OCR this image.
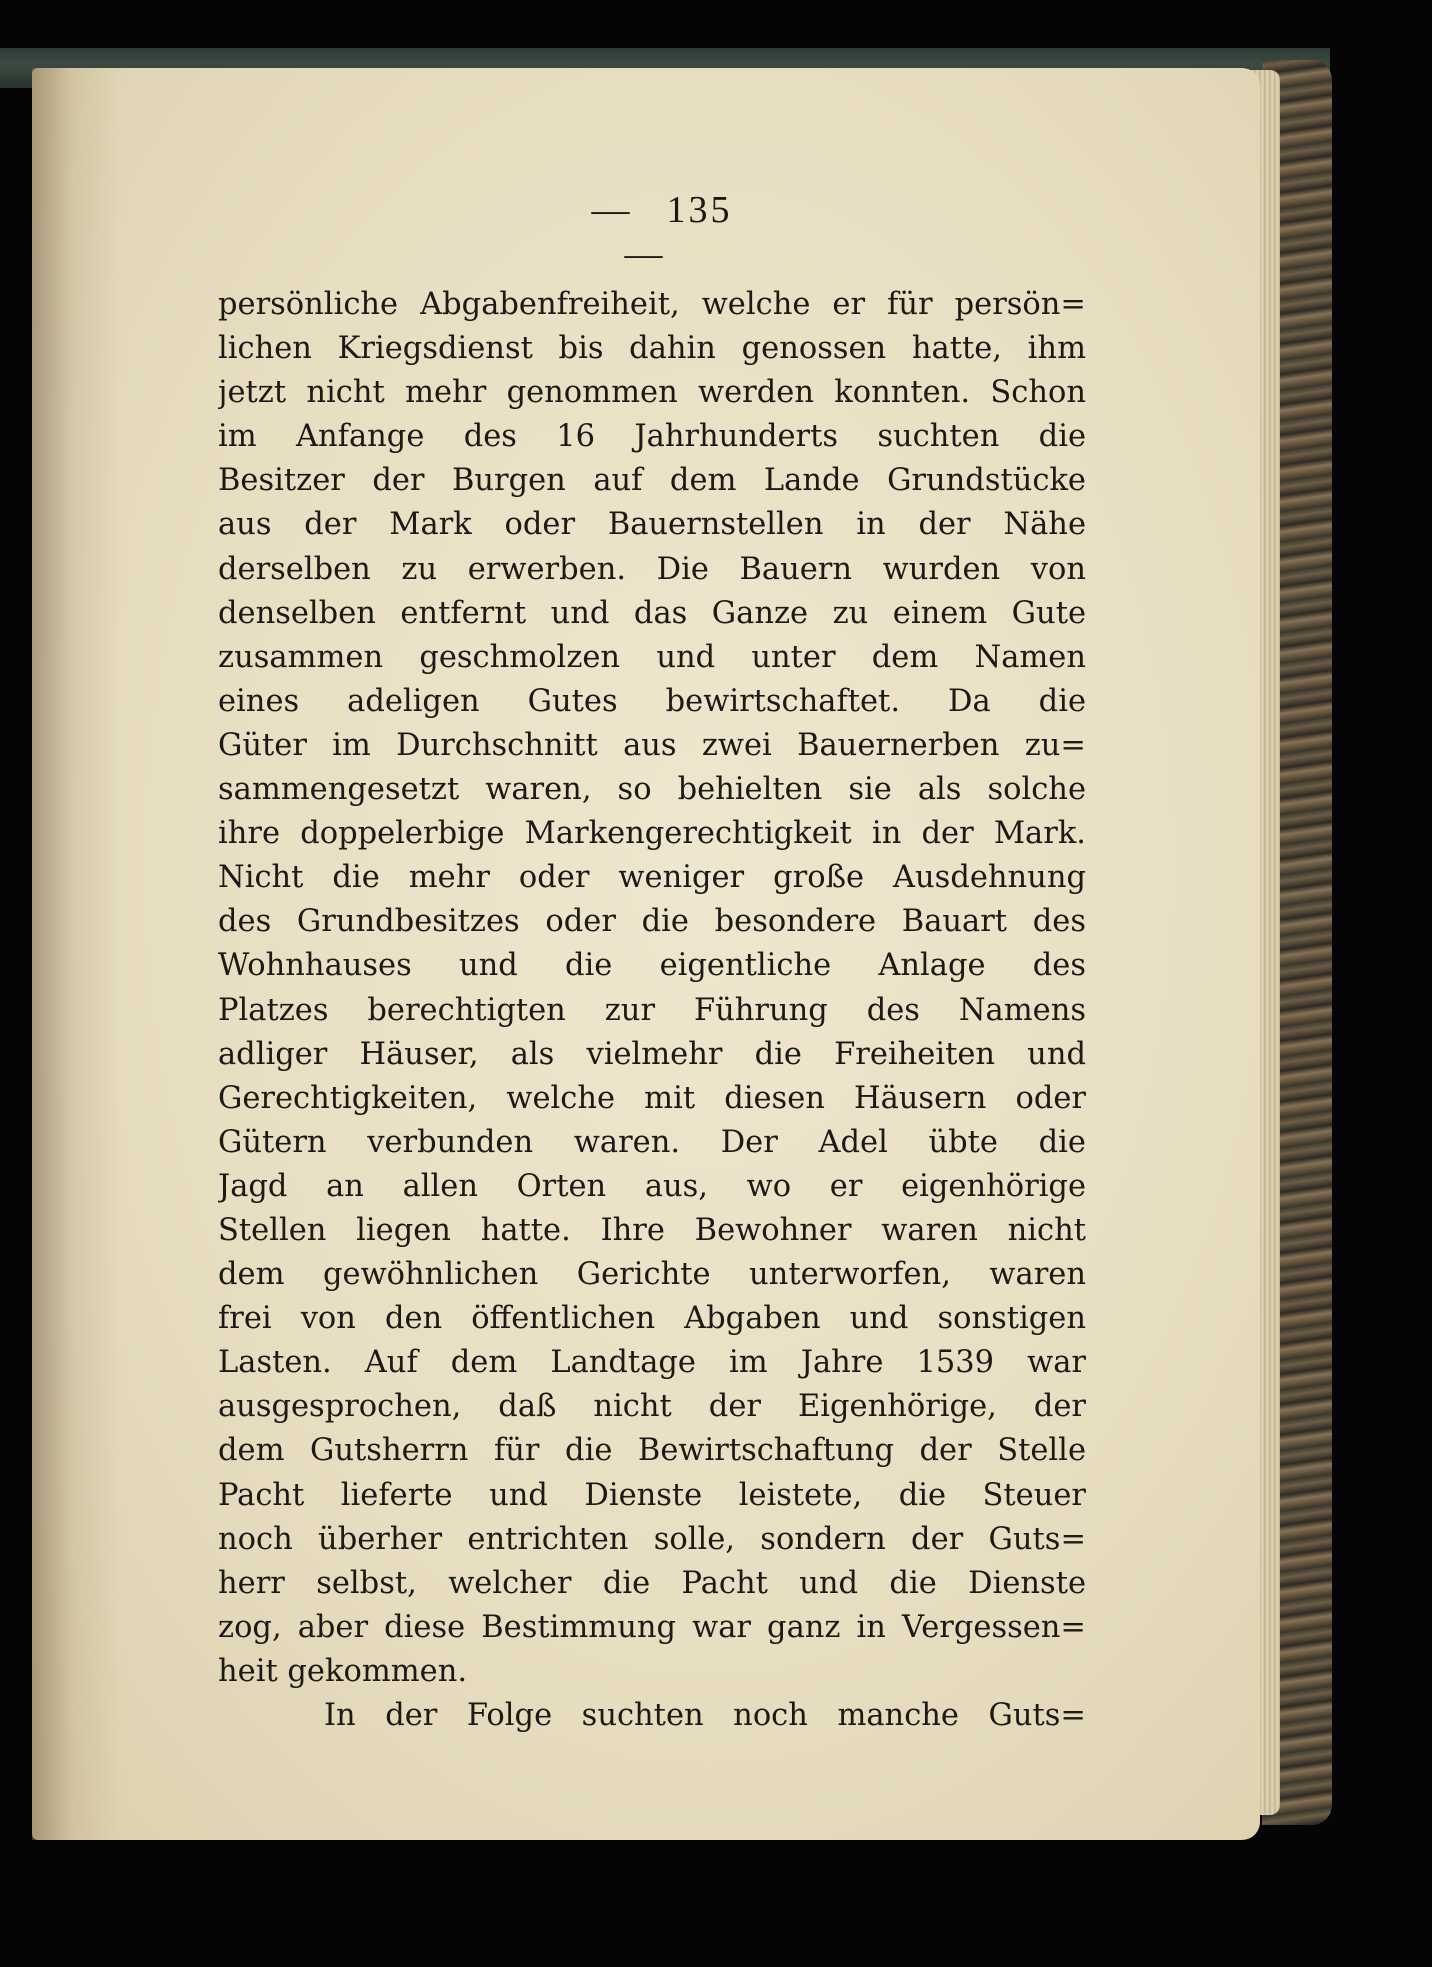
— 135—
persönliche Abgabenfreiheit, welche er für persön=
lichen Kriegsdienst bis dahin genossen hatte, ihm
jetzt nicht mehr genommen werden konnten. Schon
im Anfange des 16 Jahrhunderts suchten die
Besitzer der Burgen auf dem Lande Grundstücke
aus der Mark oder Bauernstellen in der Nähe
derselben zu erwerben. Die Bauern wurden von
denselben entfernt und das Ganze zu einem Gute
zusammen geschmolzen und unter dem Namen
eines adeligen Gutes bewirtschaftet. Da die
Güter im Durchschnitt aus zwei Bauernerben zu=
sammengesetzt waren, so behielten sie als solche
ihre doppelerbige Markengerechtigkeit in der Mark.
Nicht die mehr oder weniger große Ausdehnung
des Grundbesitzes oder die besondere Bauart des
Wohnhauses und die eigentliche Anlage des
Platzes berechtigten zur Führung des Namens
adliger Häuser, als vielmehr die Freiheiten und
Gerechtigkeiten, welche mit diesen Häusern oder
Gütern verbunden waren. Der Adel übte die
Jagd an allen Orten aus, wo er eigenhörige
Stellen liegen hatte. Ihre Bewohner waren nicht
dem gewöhnlichen Gerichte unterworfen, waren
frei von den öffentlichen Abgaben und sonstigen
Lasten. Auf dem Landtage im Jahre 1539 war
ausgesprochen, daß nicht der Eigenhörige, der
dem Gutsherrn für die Bewirtschaftung der Stelle
Pacht lieferte und Dienste leistete, die Steuer
noch überher entrichten solle, sondern der Guts=
herr selbst, welcher die Pacht und die Dienste
zog, aber diese Bestimmung war ganz in Vergessen=
heit gekommen.
In der Folge suchten noch manche Guts=
